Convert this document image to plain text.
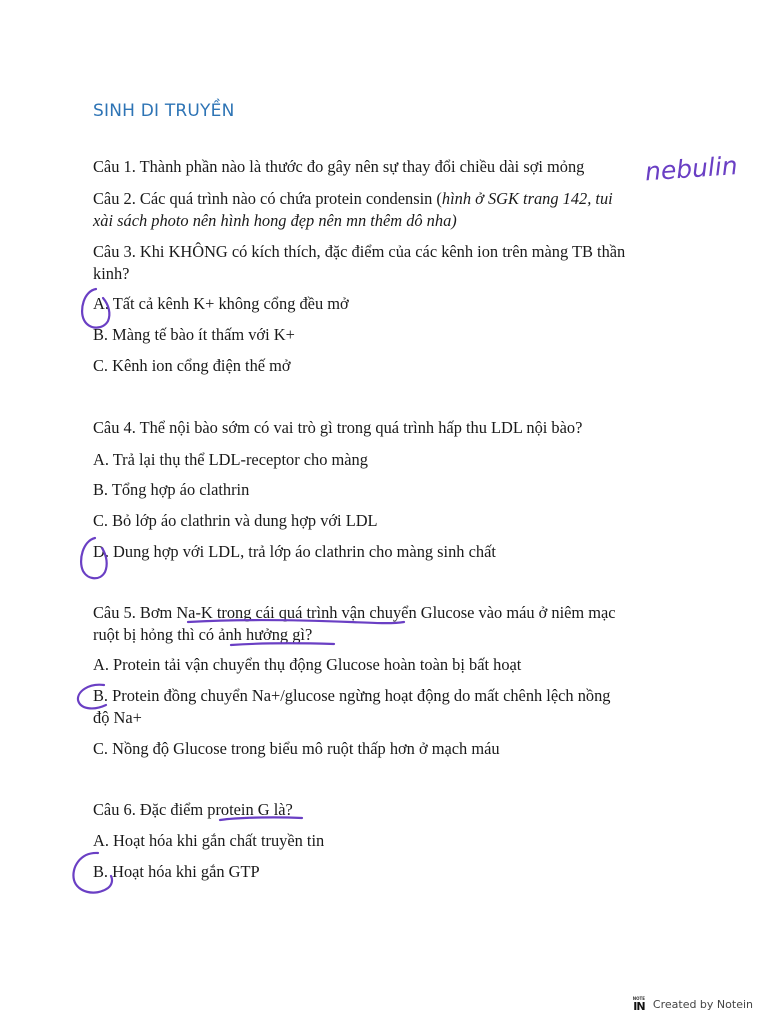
SINH DI TRUYỀN
Câu 1. Thành phần nào là thước đo gây nên sự thay đổi chiều dài sợi mỏng
Câu 2. Các quá trình nào có chứa protein condensin (hình ở SGK trang 142, tui
xài sách photo nên hình hong đẹp nên mn thêm dô nha)
Câu 3. Khi KHÔNG có kích thích, đặc điểm của các kênh ion trên màng TB thần
kinh?
A. Tất cả kênh K+ không cổng đều mở
B. Màng tế bào ít thấm với K+
C. Kênh ion cổng điện thế mở
Câu 4. Thể nội bào sớm có vai trò gì trong quá trình hấp thu LDL nội bào?
A. Trả lại thụ thể LDL-receptor cho màng
B. Tổng hợp áo clathrin
C. Bỏ lớp áo clathrin và dung hợp với LDL
D. Dung hợp với LDL, trả lớp áo clathrin cho màng sinh chất
Câu 5. Bơm Na-K trong cái quá trình vận chuyển Glucose vào máu ở niêm mạc
ruột bị hỏng thì có ảnh hưởng gì?
A. Protein tải vận chuyển thụ động Glucose hoàn toàn bị bất hoạt
B. Protein đồng chuyển Na+/glucose ngừng hoạt động do mất chênh lệch nồng
độ Na+
C. Nồng độ Glucose trong biểu mô ruột thấp hơn ở mạch máu
Câu 6. Đặc điểm protein G là?
A. Hoạt hóa khi gắn chất truyền tin
B. Hoạt hóa khi gắn GTP
nebulin
NOTE
IN Created by Notein
